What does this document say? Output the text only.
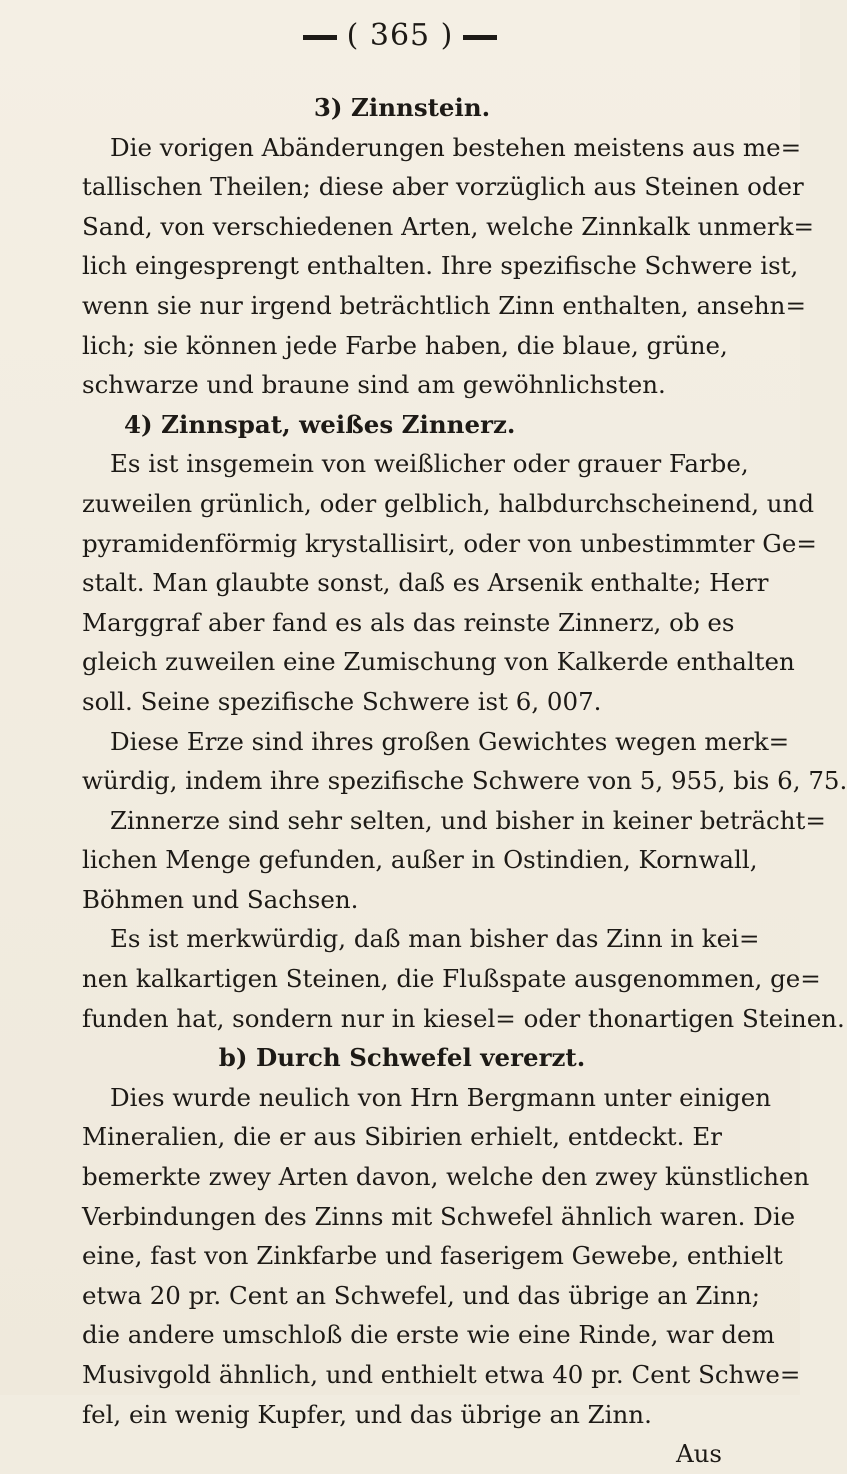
( 365 )
3) Zinnstein.
Die vorigen Abänderungen bestehen meistens aus me=
tallischen Theilen; diese aber vorzüglich aus Steinen oder
Sand, von verschiedenen Arten, welche Zinnkalk unmerk=
lich eingesprengt enthalten. Ihre spezifische Schwere ist,
wenn sie nur irgend beträchtlich Zinn enthalten, ansehn=
lich; sie können jede Farbe haben, die blaue, grüne,
schwarze und braune sind am gewöhnlichsten.
4) Zinnspat, weißes Zinnerz.
Es ist insgemein von weißlicher oder grauer Farbe,
zuweilen grünlich, oder gelblich, halbdurchscheinend, und
pyramidenförmig krystallisirt, oder von unbestimmter Ge=
stalt. Man glaubte sonst, daß es Arsenik enthalte; Herr
Marggraf aber fand es als das reinste Zinnerz, ob es
gleich zuweilen eine Zumischung von Kalkerde enthalten
soll. Seine spezifische Schwere ist 6, 007.
Diese Erze sind ihres großen Gewichtes wegen merk=
würdig, indem ihre spezifische Schwere von 5, 955, bis 6, 75.
Zinnerze sind sehr selten, und bisher in keiner beträcht=
lichen Menge gefunden, außer in Ostindien, Kornwall,
Böhmen und Sachsen.
Es ist merkwürdig, daß man bisher das Zinn in kei=
nen kalkartigen Steinen, die Flußspate ausgenommen, ge=
funden hat, sondern nur in kiesel= oder thonartigen Steinen.
b) Durch Schwefel vererzt.
Dies wurde neulich von Hrn Bergmann unter einigen
Mineralien, die er aus Sibirien erhielt, entdeckt. Er
bemerkte zwey Arten davon, welche den zwey künstlichen
Verbindungen des Zinns mit Schwefel ähnlich waren. Die
eine, fast von Zinkfarbe und faserigem Gewebe, enthielt
etwa 20 pr. Cent an Schwefel, und das übrige an Zinn;
die andere umschloß die erste wie eine Rinde, war dem
Musivgold ähnlich, und enthielt etwa 40 pr. Cent Schwe=
fel, ein wenig Kupfer, und das übrige an Zinn.
Aus
